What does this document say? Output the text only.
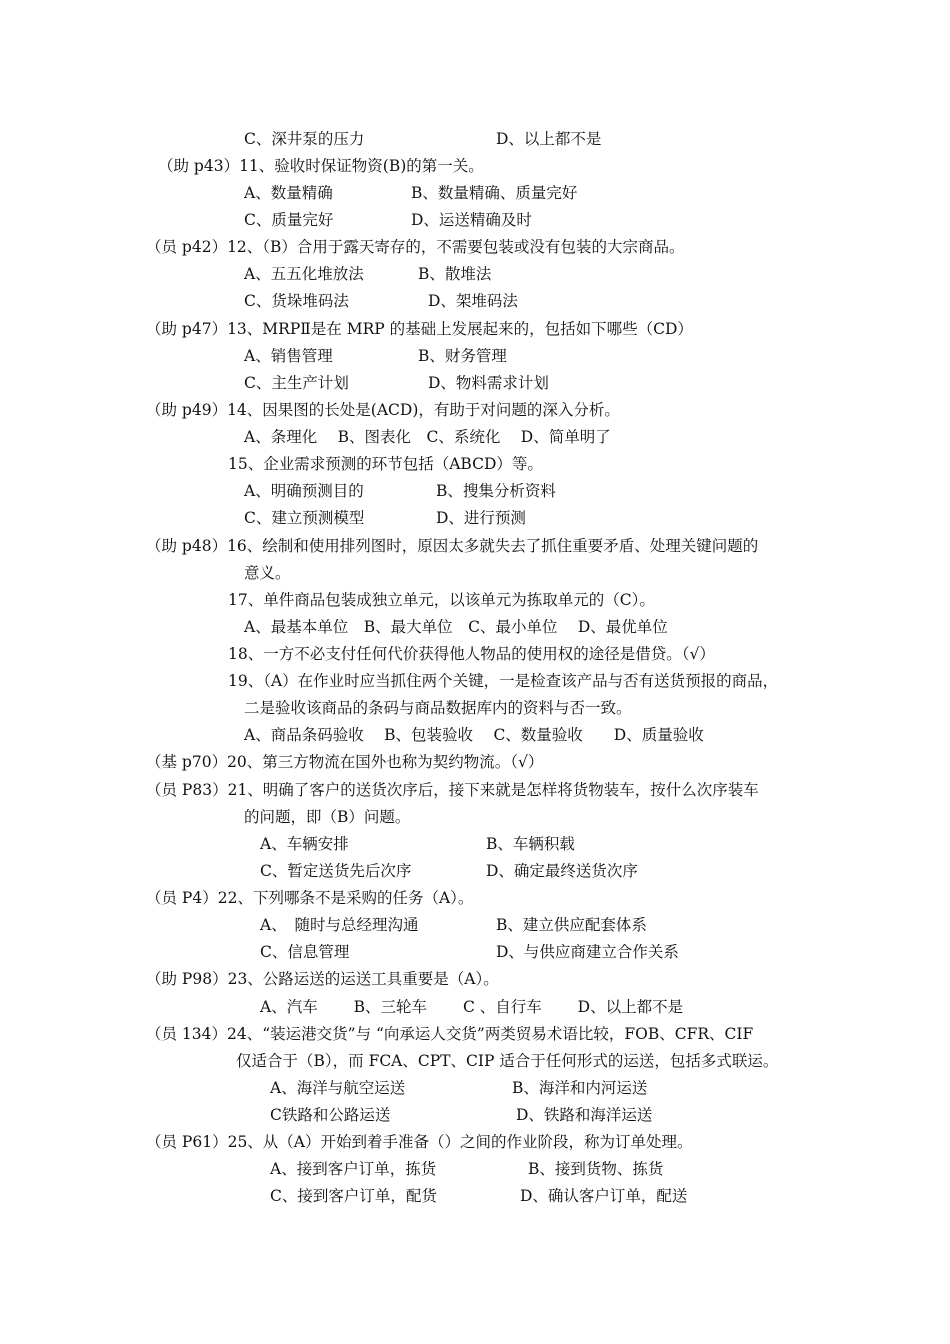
C、深井泵的压力	D、以上都不是
（助 p43）11、验收时保证物资(B)的第一关。
A、数量精确	B、数量精确、质量完好
C、质量完好	D、运送精确及时
（员 p42）12、（B）合用于露天寄存的，不需要包装或没有包装的大宗商品。
A、五五化堆放法	B、散堆法
C、货垛堆码法	D、架堆码法
（助 p47）13、MRPⅡ是在 MRP 的基础上发展起来的，包括如下哪些（CD）
A、销售管理	B、财务管理
C、主生产计划	D、物料需求计划
（助 p49）14、因果图的长处是(ACD)，有助于对问题的深入分析。
A、条理化　 B、图表化　C、系统化　 D、简单明了
15、企业需求预测的环节包括（ABCD）等。
A、明确预测目的	B、搜集分析资料
C、建立预测模型	D、进行预测
（助 p48）16、绘制和使用排列图时，原因太多就失去了抓住重要矛盾、处理关键问题的
意义。
17、单件商品包装成独立单元，以该单元为拣取单元的（C）。
A、最基本单位　B、最大单位　C、最小单位　 D、最优单位
18、一方不必支付任何代价获得他人物品的使用权的途径是借贷。（√）
19、（A）在作业时应当抓住两个关键，一是检查该产品与否有送货预报的商品，
二是验收该商品的条码与商品数据库内的资料与否一致。
A、商品条码验收　 B、包装验收　 C、数量验收　　D、质量验收
（基 p70）20、第三方物流在国外也称为契约物流。（√）
（员 P83）21、明确了客户的送货次序后，接下来就是怎样将货物装车，按什么次序装车
的问题，即（B）问题。
A、车辆安排	B、车辆积载
C、暂定送货先后次序	D、确定最终送货次序
（员 P4）22、下列哪条不是采购的任务（A）。
A、　随时与总经理沟通	B、建立供应配套体系
C、信息管理	D、与供应商建立合作关系
（助 P98）23、公路运送的运送工具重要是（A）。
A、汽车　　 B、三轮车　　 C 、自行车　　 D、以上都不是
（员 134）24、“装运港交货”与 “向承运人交货”两类贸易术语比较，FOB、CFR、CIF
仅适合于（B），而 FCA、CPT、CIP 适合于任何形式的运送，包括多式联运。
A、海洋与航空运送	B、海洋和内河运送
C铁路和公路运送	D、铁路和海洋运送
（员 P61）25、从（A）开始到着手准备（）之间的作业阶段，称为订单处理。
A、接到客户订单，拣货	B、接到货物、拣货
C、接到客户订单，配货	D、确认客户订单，配送
